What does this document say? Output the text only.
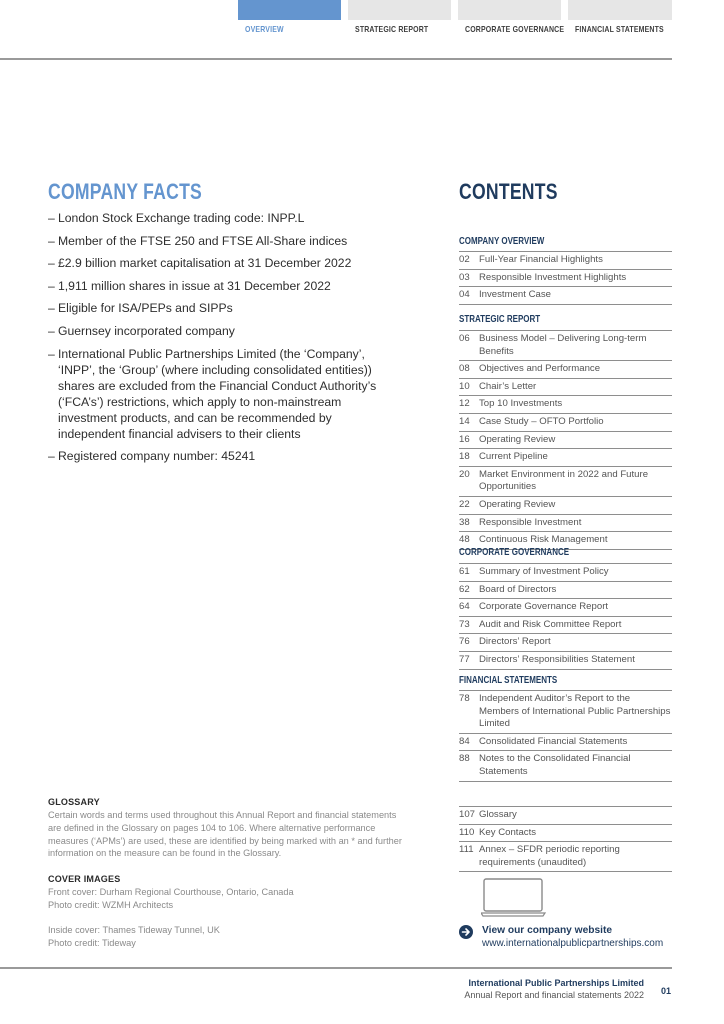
OVERVIEW	STRATEGIC REPORT	CORPORATE GOVERNANCE FINANCIAL STATEMENTS
COMPANY FACTS
– London Stock Exchange trading code: INPP.L
– Member of the FTSE 250 and FTSE All-Share indices
– £2.9 billion market capitalisation at 31 December 2022
– 1,911 million shares in issue at 31 December 2022
– Eligible for ISA/PEPs and SIPPs
– Guernsey incorporated company
– International Public Partnerships Limited (the ‘Company’, ‘INPP’, the ‘Group’ (where including consolidated entities)) shares are excluded from the Financial Conduct Authority’s (‘FCA’s’) restrictions, which apply to non-mainstream investment products, and can be recommended by independent financial advisers to their clients
– Registered company number: 45241
GLOSSARY
Certain words and terms used throughout this Annual Report and financial statements are defined in the Glossary on pages 104 to 106. Where alternative performance measures (‘APMs’) are used, these are identified by being marked with an * and further information on the measure can be found in the Glossary.
COVER IMAGES
Front cover: Durham Regional Courthouse, Ontario, Canada
Photo credit: WZMH Architects
Inside cover: Thames Tideway Tunnel, UK
Photo credit: Tideway
CONTENTS
COMPANY OVERVIEW
02 Full-Year Financial Highlights
03 Responsible Investment Highlights
04 Investment Case
STRATEGIC REPORT
06 Business Model – Delivering Long-term Benefits
08 Objectives and Performance
10 Chair’s Letter
12 Top 10 Investments
14 Case Study – OFTO Portfolio
16 Operating Review
18 Current Pipeline
20 Market Environment in 2022 and Future Opportunities
22 Operating Review
38 Responsible Investment
48 Continuous Risk Management
CORPORATE GOVERNANCE
61 Summary of Investment Policy
62 Board of Directors
64 Corporate Governance Report
73 Audit and Risk Committee Report
76 Directors’ Report
77 Directors’ Responsibilities Statement
FINANCIAL STATEMENTS
78 Independent Auditor’s Report to the Members of International Public Partnerships Limited
84 Consolidated Financial Statements
88 Notes to the Consolidated Financial Statements
107 Glossary
110 Key Contacts
111 Annex – SFDR periodic reporting requirements (unaudited)
View our company website
www.internationalpublicpartnerships.com
International Public Partnerships Limited
Annual Report and financial statements 2022 01
